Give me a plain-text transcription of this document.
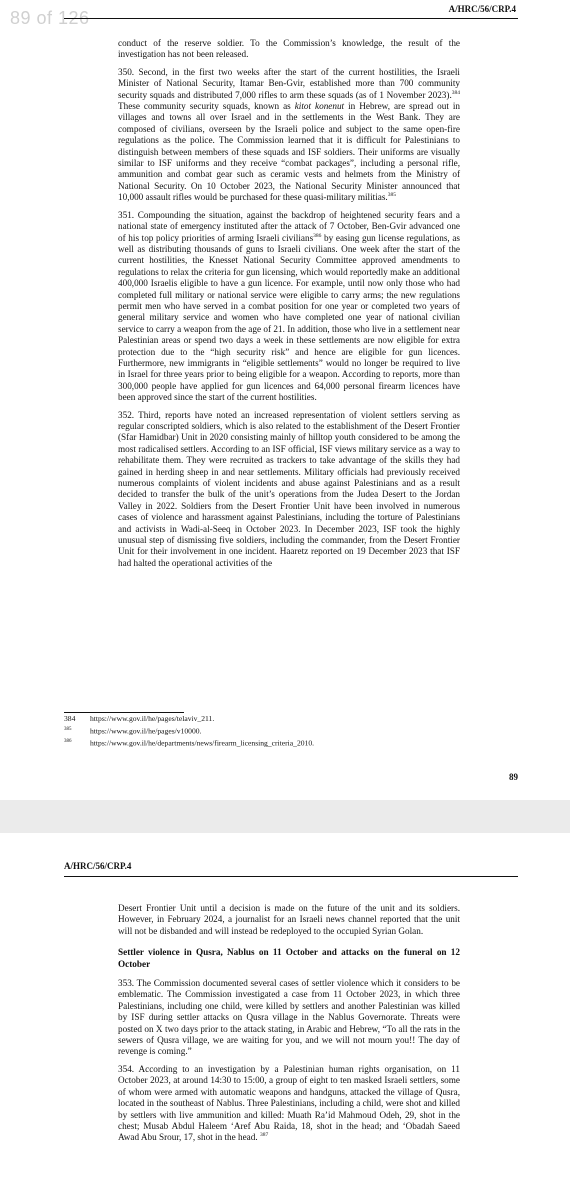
89 of 126	A/HRC/56/CRP.4

conduct of the reserve soldier. To the Commission’s knowledge, the result of the investigation has not been released.

350. Second, in the first two weeks after the start of the current hostilities, the Israeli Minister of National Security, Itamar Ben-Gvir, established more than 700 community security squads and distributed 7,000 rifles to arm these squads (as of 1 November 2023).$^{384}$ These community security squads, known as kitot konenut in Hebrew, are spread out in villages and towns all over Israel and in the settlements in the West Bank. They are composed of civilians, overseen by the Israeli police and subject to the same open-fire regulations as the police. The Commission learned that it is difficult for Palestinians to distinguish between members of these squads and ISF soldiers. Their uniforms are visually similar to ISF uniforms and they receive “combat packages”, including a personal rifle, ammunition and combat gear such as ceramic vests and helmets from the Ministry of National Security. On 10 October 2023, the National Security Minister announced that 10,000 assault rifles would be purchased for these quasi-military militias.$^{385}$

351. Compounding the situation, against the backdrop of heightened security fears and a national state of emergency instituted after the attack of 7 October, Ben-Gvir advanced one of his top policy priorities of arming Israeli civilians$^{386}$ by easing gun license regulations, as well as distributing thousands of guns to Israeli civilians. One week after the start of the current hostilities, the Knesset National Security Committee approved amendments to regulations to relax the criteria for gun licensing, which would reportedly make an additional 400,000 Israelis eligible to have a gun licence. For example, until now only those who had completed full military or national service were eligible to carry arms; the new regulations permit men who have served in a combat position for one year or completed two years of general military service and women who have completed one year of national civilian service to carry a weapon from the age of 21. In addition, those who live in a settlement near Palestinian areas or spend two days a week in these settlements are now eligible for extra protection due to the “high security risk” and hence are eligible for gun licences. Furthermore, new immigrants in “eligible settlements” would no longer be required to live in Israel for three years prior to being eligible for a weapon. According to reports, more than 300,000 people have applied for gun licences and 64,000 personal firearm licences have been approved since the start of the current hostilities.

352. Third, reports have noted an increased representation of violent settlers serving as regular conscripted soldiers, which is also related to the establishment of the Desert Frontier (Sfar Hamidbar) Unit in 2020 consisting mainly of hilltop youth considered to be among the most radicalised settlers. According to an ISF official, ISF views military service as a way to rehabilitate them. They were recruited as trackers to take advantage of the skills they had gained in herding sheep in and near settlements. Military officials had previously received numerous complaints of violent incidents and abuse against Palestinians and as a result decided to transfer the bulk of the unit’s operations from the Judea Desert to the Jordan Valley in 2022. Soldiers from the Desert Frontier Unit have been involved in numerous cases of violence and harassment against Palestinians, including the torture of Palestinians and activists in Wadi-al-Seeq in October 2023. In December 2023, ISF took the highly unusual step of dismissing five soldiers, including the commander, from the Desert Frontier Unit for their involvement in one incident. Haaretz reported on 19 December 2023 that ISF had halted the operational activities of the

384 https://www.gov.il/he/pages/telaviv_211.
$^{385}$ https://www.gov.il/he/pages/v10000.
$^{386}$ https://www.gov.il/he/departments/news/firearm_licensing_criteria_2010.
89
A/HRC/56/CRP.4

Desert Frontier Unit until a decision is made on the future of the unit and its soldiers. However, in February 2024, a journalist for an Israeli news channel reported that the unit will not be disbanded and will instead be redeployed to the occupied Syrian Golan.

Settler violence in Qusra, Nablus on 11 October and attacks on the funeral on 12 October

353. The Commission documented several cases of settler violence which it considers to be emblematic. The Commission investigated a case from 11 October 2023, in which three Palestinians, including one child, were killed by settlers and another Palestinian was killed by ISF during settler attacks on Qusra village in the Nablus Governorate. Threats were posted on X two days prior to the attack stating, in Arabic and Hebrew, “To all the rats in the sewers of Qusra village, we are waiting for you, and we will not mourn you!! The day of revenge is coming.”

354. According to an investigation by a Palestinian human rights organisation, on 11 October 2023, at around 14:30 to 15:00, a group of eight to ten masked Israeli settlers, some of whom were armed with automatic weapons and handguns, attacked the village of Qusra, located in the southeast of Nablus. Three Palestinians, including a child, were shot and killed by settlers with live ammunition and killed: Muath Ra’id Mahmoud Odeh, 29, shot in the chest; Musab Abdul Haleem ‘Aref Abu Raida, 18, shot in the head; and ‘Obadah Saeed Awad Abu Srour, 17, shot in the head. $^{387}$
